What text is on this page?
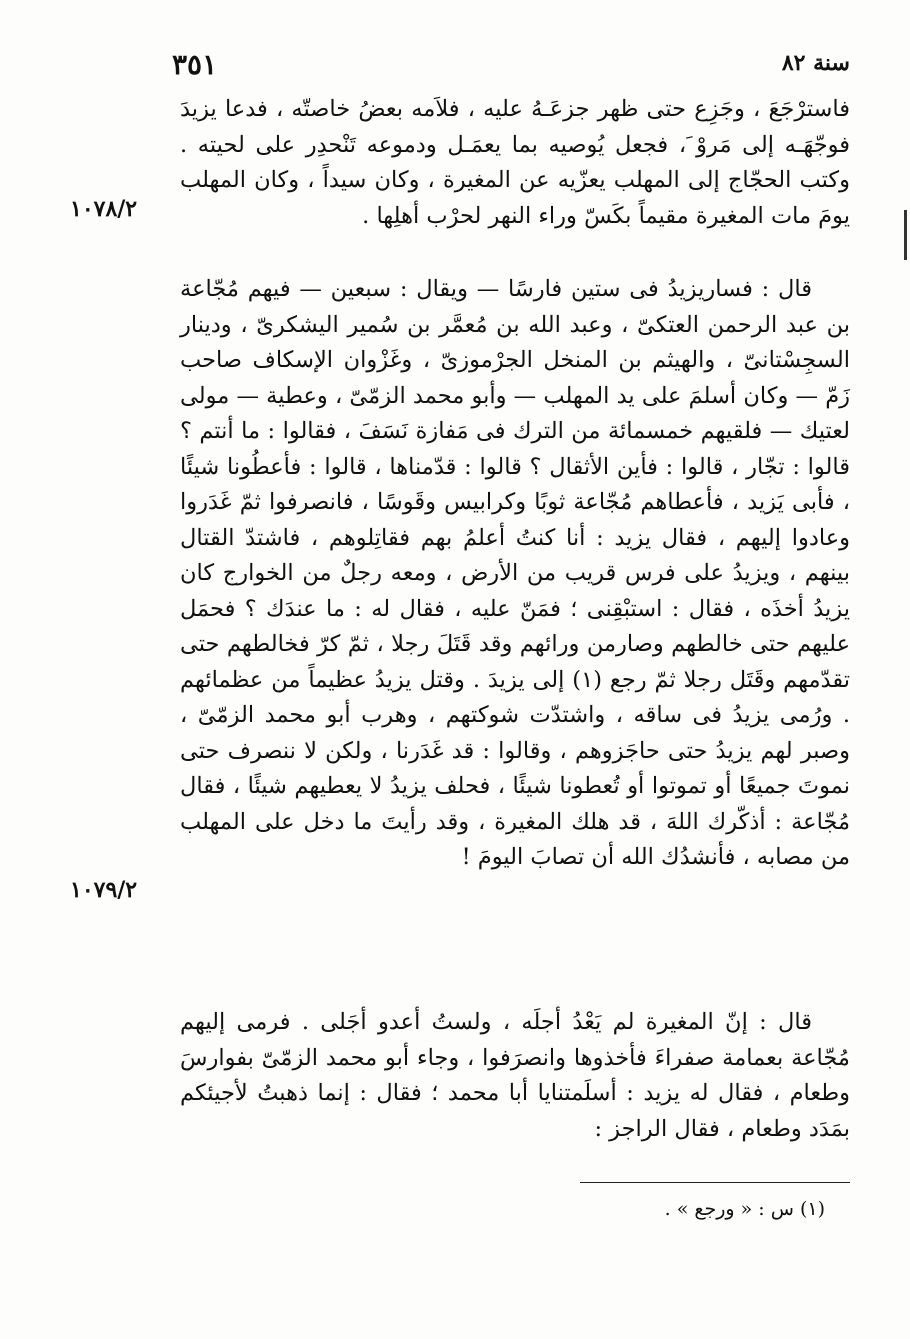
سنة ٨٢
٣٥١
١٠٧٨/٢
١٠٧٩/٢

فاسترْجَعَ ، وجَزِع حتى ظهر جزعَـهُ عليه ، فلاَمه بعضُ خاصتّه ، فدعا يزيدَ فوجّهَـه إلى مَروْ َ، فجعل يُوصيه بما يعمَـل ودموعه تَنْحدِر على لحيته . وكتب الحجّاج إلى المهلب يعزّيه عن المغيرة ، وكان سيداً ، وكان المهلب يومَ مات المغيرة مقيماً بكَسّ وراء النهر لحرْب أهلِها .

قال : فساريزيدُ فى ستين فارسًا — ويقال : سبعين — فيهم مُجّاعة بن عبد الرحمن العتكىّ ، وعبد الله بن مُعمَّر بن سُمير اليشكرىّ ، ودينار السجِسْتانىّ ، والهيثم بن المنخل الجرْموزىّ ، وغَزْوان الإسكاف صاحب زَمّ — وكان أسلمَ على يد المهلب — وأبو محمد الزمّىّ ، وعطية — مولى لعتيك — فلقيهم خمسمائة من الترك فى مَفازة نَسَفَ ، فقالوا : ما أنتم ؟ قالوا : تجّار ، قالوا : فأين الأثقال ؟ قالوا : قدّمناها ، قالوا : فأعطُونا شيئًا ، فأبى يَزيد ، فأعطاهم مُجّاعة ثوبًا وكرابيس وقَوسًا ، فانصرفوا ثمّ غَدَروا وعادوا إليهم ، فقال يزيد : أنا كنتُ أعلمُ بهم فقاتِلوهم ، فاشتدّ القتال بينهم ، ويزيدُ على فرس قريب من الأرض ، ومعه رجلٌ من الخوارج كان يزيدُ أخذَه ، فقال : استبْقِنى ؛ فمَنّ عليه ، فقال له : ما عندَك ؟ فحمَل عليهم حتى خالطهم وصارمن ورائهم وقد قَتَلَ رجلا ، ثمّ كرّ فخالطهم حتى تقدّمهم وقَتَل رجلا ثمّ رجع (١) إلى يزيدَ . وقتل يزيدُ عظيماً من عظمائهم . ورُمى يزيدُ فى ساقه ، واشتدّت شوكتهم ، وهرب أبو محمد الزمّىّ ، وصبر لهم يزيدُ حتى حاجَزوهم ، وقالوا : قد غَدَرنا ، ولكن لا ننصرف حتى نموتَ جميعًا أو تموتوا أو تُعطونا شيئًا ، فحلف يزيدُ لا يعطيهم شيئًا ، فقال مُجّاعة : أذكّرك اللهَ ، قد هلك المغيرة ، وقد رأيتَ ما دخل على المهلب من مصابه ، فأنشدُك الله أن تصابَ اليومَ !

قال : إنّ المغيرة لم يَعْدُ أجلَه ، ولستُ أعدو أجَلى . فرمى إليهم مُجّاعة بعمامة صفراءَ فأخذوها وانصرَفوا ، وجاء أبو محمد الزمّىّ بفوارسَ وطعام ، فقال له يزيد : أسلَمتنايا أبا محمد ؛ فقال : إنما ذهبتُ لأجيئكم بمَدَد وطعام ، فقال الراجز :

(١) س : « ورجع » .
